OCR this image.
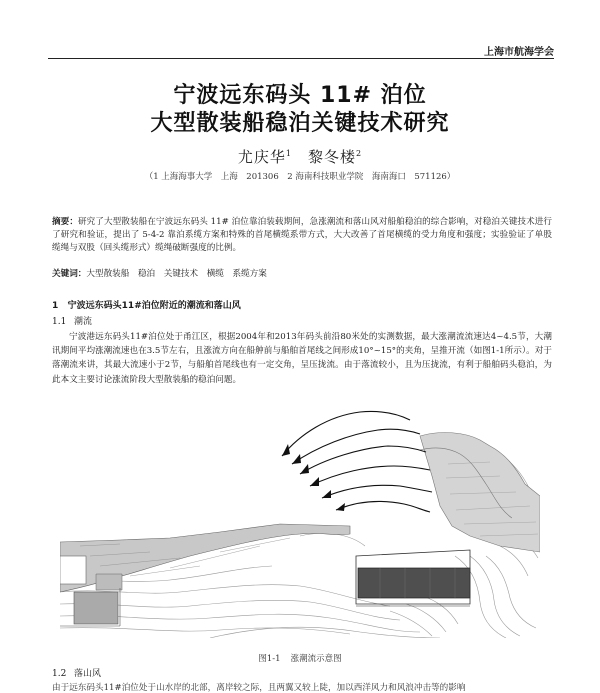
上海市航海学会
宁波远东码头 11# 泊位
大型散装船稳泊关键技术研究
尤庆华$^1$ 黎冬楼$^2$
（1 上海海事大学　上海　201306　2 海南科技职业学院　海南海口　571126）
摘要：研究了大型散装船在宁波远东码头 11# 泊位靠泊装载期间，急涨潮流和落山风对船舶稳泊的综合影响，对稳泊关键技术进行了研究和验证，提出了 5-4-2 靠泊系缆方案和特殊的首尾横缆系带方式，大大改善了首尾横缆的受力角度和强度；实验验证了单股缆绳与双股（回头缆形式）缆绳破断强度的比例。
关键词：大型散装船　稳泊　关键技术　横缆　系缆方案
1 宁波远东码头11#泊位附近的潮流和落山风
1.1 潮流
宁波港远东码头11#泊位处于甬江区，根据2004年和2013年码头前沿80米处的实测数据，最大涨潮流流速达4~4.5节，大潮讯期间平均涨潮流速也在3.5节左右，且涨流方向在船舯前与船舶首尾线之间形成10°~15°的夹角，呈推开流（如图1-1所示）。对于落潮流来讲，其最大流速小于2节，与船舶首尾线也有一定交角，呈压拢流。由于落流较小，且为压拢流，有利于船舶码头稳泊，为此本文主要讨论涨流阶段大型散装船的稳泊问题。
图1-1 涨潮流示意图
1.2 落山风
由于远东码头11#泊位处于山水岸的北部，离岸较之际，且两翼又较上陡，加以西洋风力和风浪冲击等的影响
